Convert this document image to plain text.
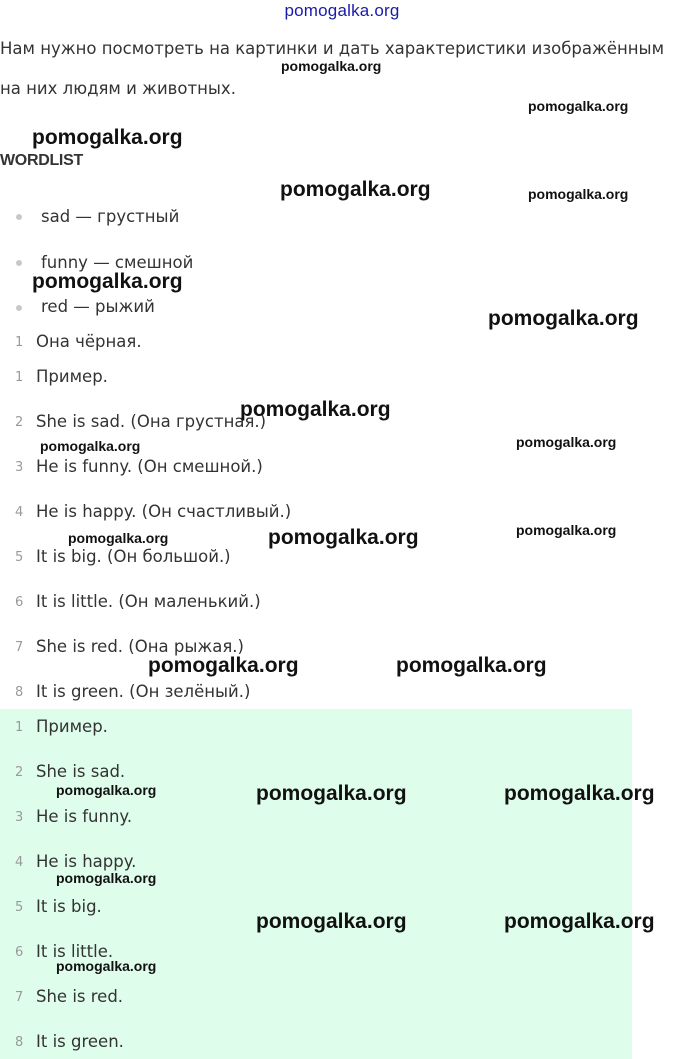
pomogalka.org
Нам нужно посмотреть на картинки и дать характеристики изображённым на них людям и животных.
WORDLIST
sad — грустный
funny — смешной
red — рыжий
1 Она чёрная.
1 Пример.
2 She is sad. (Она грустная.)
3 He is funny. (Он смешной.)
4 He is happy. (Он счастливый.)
5 It is big. (Он большой.)
6 It is little. (Он маленький.)
7 She is red. (Она рыжая.)
8 It is green. (Он зелёный.)
1 Пример.
2 She is sad.
3 He is funny.
4 He is happy.
5 It is big.
6 It is little.
7 She is red.
8 It is green.
pomogalka.org
pomogalka.org
pomogalka.org
pomogalka.org	pomogalka.org
pomogalka.org
pomogalka.org
pomogalka.org
pomogalka.org	pomogalka.org
pomogalka.org	pomogalka.org	pomogalka.org
pomogalka.org	pomogalka.org
pomogalka.org	pomogalka.org	pomogalka.org
pomogalka.org
pomogalka.org	pomogalka.org
pomogalka.org
